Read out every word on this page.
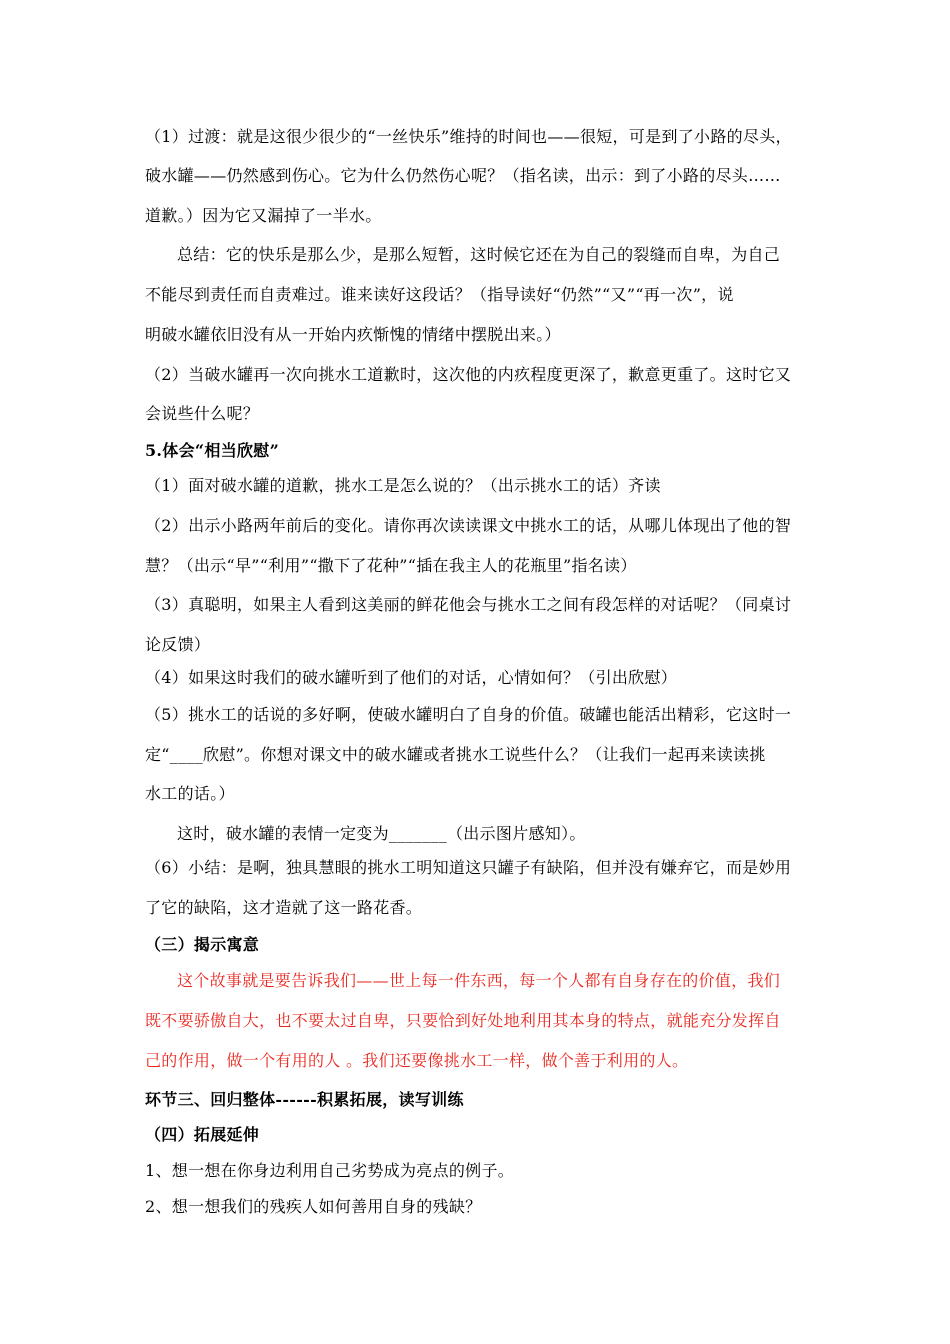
（1）过渡：就是这很少很少的“一丝快乐”维持的时间也——很短，可是到了小路的尽头，
破水罐——仍然感到伤心。它为什么仍然伤心呢？（指名读，出示：到了小路的尽头……
道歉。）因为它又漏掉了一半水。
总结：它的快乐是那么少，是那么短暂，这时候它还在为自己的裂缝而自卑，为自己
不能尽到责任而自责难过。谁来读好这段话？（指导读好“仍然”“又”“再一次”，说
明破水罐依旧没有从一开始内疚惭愧的情绪中摆脱出来。）
（2）当破水罐再一次向挑水工道歉时，这次他的内疚程度更深了，歉意更重了。这时它又
会说些什么呢？
5.体会“相当欣慰”
（1）面对破水罐的道歉，挑水工是怎么说的？（出示挑水工的话）齐读
（2）出示小路两年前后的变化。请你再次读读课文中挑水工的话，从哪儿体现出了他的智
慧？（出示“早”“利用”“撒下了花种”“插在我主人的花瓶里”指名读）
（3）真聪明，如果主人看到这美丽的鲜花他会与挑水工之间有段怎样的对话呢？（同桌讨
论反馈）
（4）如果这时我们的破水罐听到了他们的对话，心情如何？（引出欣慰）
（5）挑水工的话说的多好啊，使破水罐明白了自身的价值。破罐也能活出精彩，它这时一
定“____欣慰”。你想对课文中的破水罐或者挑水工说些什么？（让我们一起再来读读挑
水工的话。）
这时，破水罐的表情一定变为_______（出示图片感知）。
（6）小结：是啊，独具慧眼的挑水工明知道这只罐子有缺陷，但并没有嫌弃它，而是妙用
了它的缺陷，这才造就了这一路花香。
（三）揭示寓意
这个故事就是要告诉我们——世上每一件东西，每一个人都有自身存在的价值，我们
既不要骄傲自大，也不要太过自卑，只要恰到好处地利用其本身的特点，就能充分发挥自
己的作用，做一个有用的人 。我们还要像挑水工一样，做个善于利用的人。
环节三、回归整体------积累拓展，读写训练
（四）拓展延伸
1、想一想在你身边利用自己劣势成为亮点的例子。
2、想一想我们的残疾人如何善用自身的残缺？
